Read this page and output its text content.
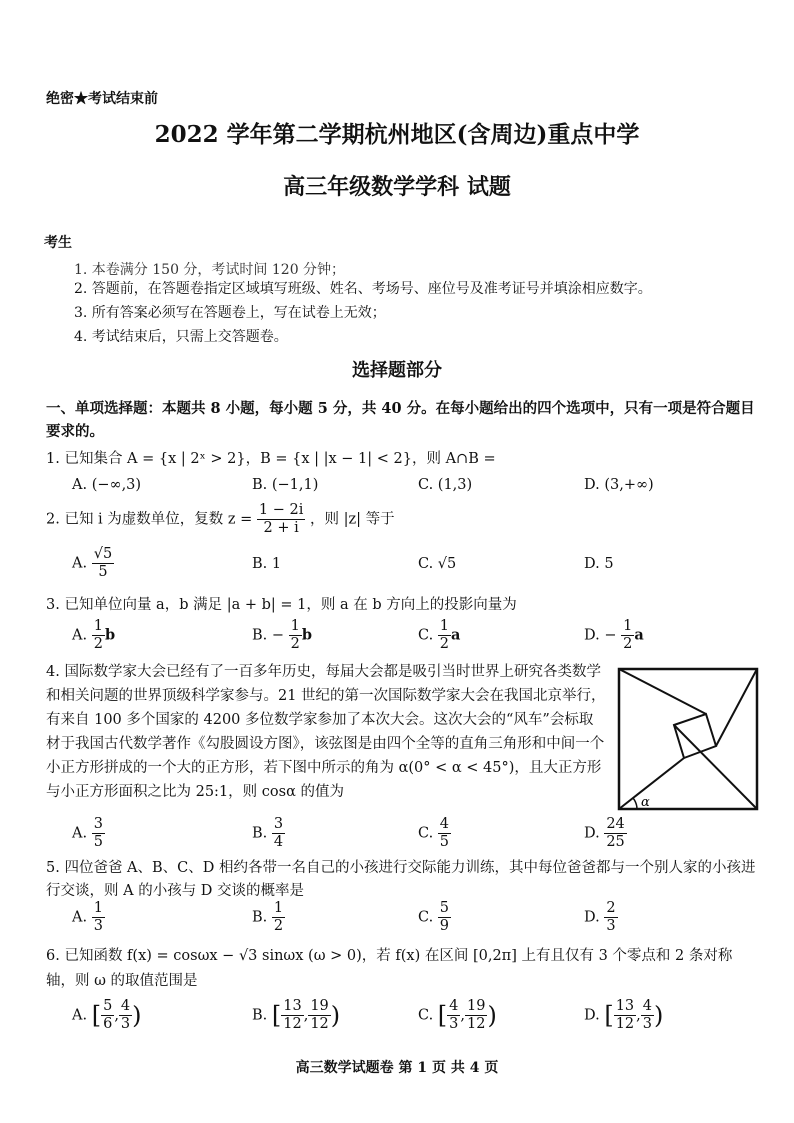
绝密★考试结束前
2022 学年第二学期杭州地区(含周边)重点中学
高三年级数学学科 试题
考生
1. 本卷满分 150 分，考试时间 120 分钟；
2. 答题前，在答题卷指定区域填写班级、姓名、考场号、座位号及准考证号并填涂相应数字。
3. 所有答案必须写在答题卷上，写在试卷上无效；
4. 考试结束后，只需上交答题卷。
选择题部分
一、单项选择题：本题共 8 小题，每小题 5 分，共 40 分。在每小题给出的四个选项中，只有一项是符合题目要求的。
1. 已知集合 A = {x | 2ˣ > 2}，B = {x | |x − 1| < 2}，则 A∩B =
A. (−∞,3)	B. (−1,1)	C. (1,3)	D. (3,+∞)
2. 已知 i 为虚数单位，复数 $z = \frac{1 - 2i}{2 + i}$ ，则 |z| 等于
A. $\frac{√5}{5}$	B. 1	C. √5	D. 5
3. 已知单位向量 a，b 满足 |a + b| = 1，则 a 在 b 方向上的投影向量为
A. $\frac{1}{2}$ b	B. − $\frac{1}{2}$ b	C. $\frac{1}{2}$ a	D. − $\frac{1}{2}$ a
4. 国际数学家大会已经有了一百多年历史，每届大会都是吸引当时世界上研究各类数学和相关问题的世界顶级科学家参与。21 世纪的第一次国际数学家大会在我国北京举行，有来自 100 多个国家的 4200 多位数学家参加了本次大会。这次大会的“风车”会标取材于我国古代数学著作《勾股圆设方图》，该弦图是由四个全等的直角三角形和中间一个小正方形拼成的一个大的正方形，若下图中所示的角为 α(0° < α < 45°)，且大正方形与小正方形面积之比为 25:1，则 cosα 的值为
α
A. $\frac{3}{5}$	B. $\frac{3}{4}$	C. $\frac{4}{5}$	D. $\frac{24}{25}$
5. 四位爸爸 A、B、C、D 相约各带一名自己的小孩进行交际能力训练，其中每位爸爸都与一个别人家的小孩进行交谈，则 A 的小孩与 D 交谈的概率是
A. $\frac{1}{3}$	B. $\frac{1}{2}$	C. $\frac{5}{9}$	D. $\frac{2}{3}$
6. 已知函数 f(x) = cosωx − √3 sinωx (ω > 0)，若 f(x) 在区间 [0,2π] 上有且仅有 3 个零点和 2 条对称轴，则 ω 的取值范围是
A. [ $\frac{5}{6}$ , $\frac{4}{3}$ )	B. [ $\frac{13}{12}$ , $\frac{19}{12}$ )	C. [ $\frac{4}{3}$ , $\frac{19}{12}$ )	D. [ $\frac{13}{12}$ , $\frac{4}{3}$ )
高三数学试题卷 第 1 页 共 4 页
